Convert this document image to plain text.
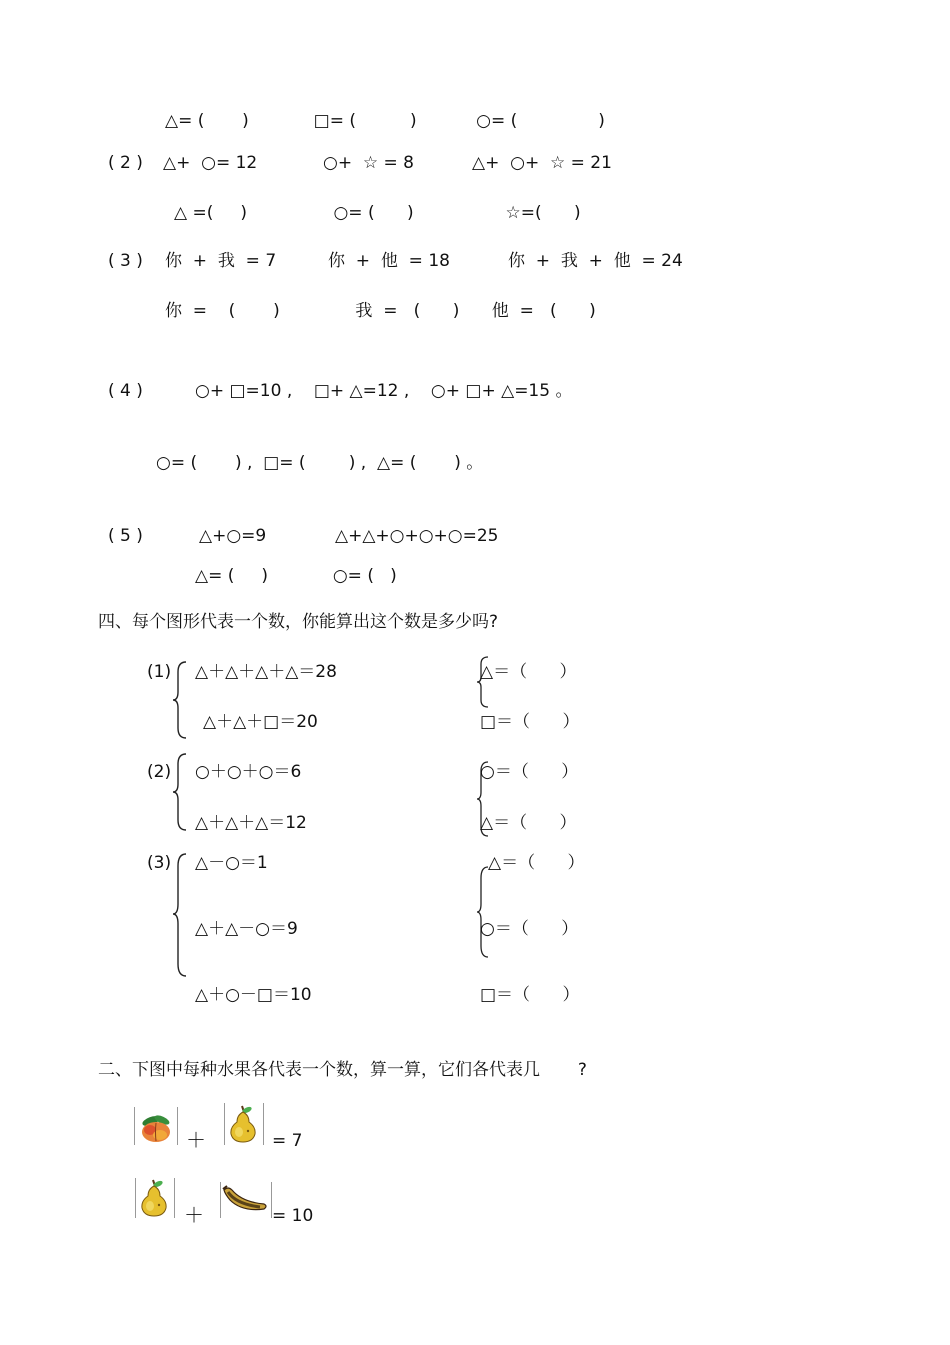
△= (       )            □= (          )           ○= (               )
( 2 ) △+  ○= 12	○+  ☆ = 8	△+  ○+  ☆ = 21
△ =(     )                ○= (      )                 ☆=(      )
( 3 ) 你  +  我  = 7	你  +  他  = 18	你  +  我  +  他  = 24
你  =    (       )              我  =   (      )      他  =   (      )
( 4 )	○+ □=10 ,    □+ △=12 ,    ○+ □+ △=15 。
○= (       ) ,  □= (        ) ,  △= (       ) 。
( 5 )	△+○=9	△+△+○+○+○=25
△= (     )            ○= (   )
四、每个图形代表一个数，你能算出这个数是多少吗?
(1) △＋△＋△＋△＝28
△＋△＋□＝20
△＝（      ）
□＝（      ）
(2) ○＋○＋○＝6
△＋△＋△＝12
○＝（      ）
△＝（      ）
(3) △－○＝1
△＋△－○＝9
△＋○－□＝10
△＝（      ）
○＝（      ）
□＝（      ）
二、下图中每种水果各代表一个数，算一算，它们各代表几       ?
＋	= 7
＋	= 10
